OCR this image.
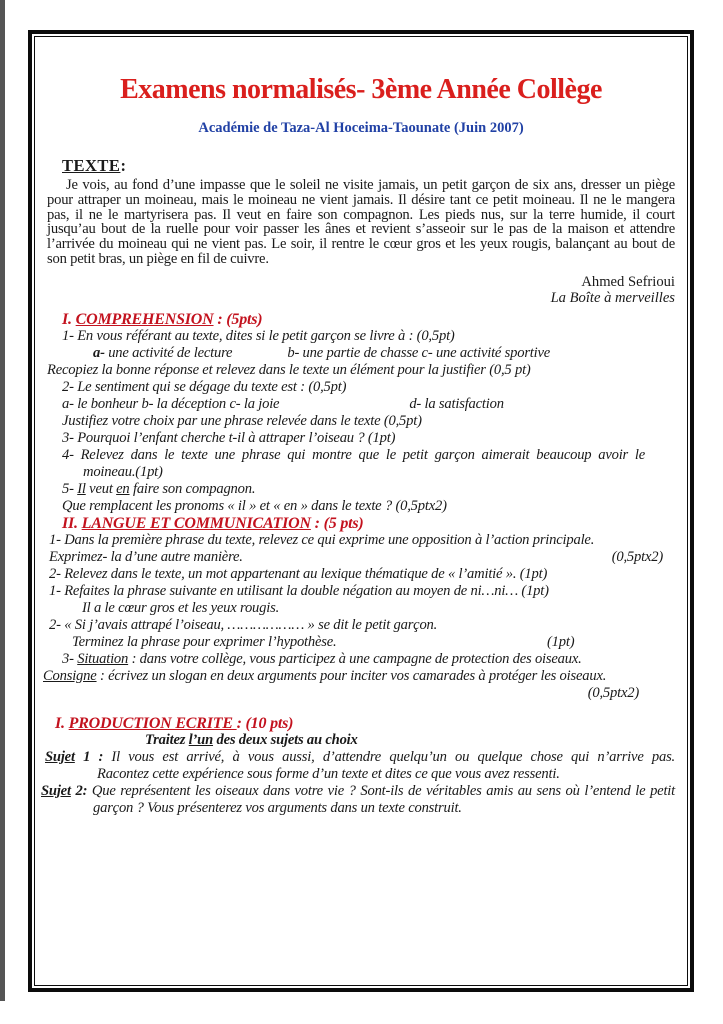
Examens normalisés- 3ème Année Collège
Académie de Taza-Al Hoceima-Taounate (Juin 2007)
TEXTE:

Je vois, au fond d’une impasse que le soleil ne visite jamais, un petit garçon de six ans, dresser un piège pour attraper un moineau, mais le moineau ne vient jamais. Il désire tant ce petit moineau. Il ne le mangera pas, il ne le martyrisera pas. Il veut en faire son compagnon. Les pieds nus, sur la terre humide, il court jusqu’au bout de la ruelle pour voir passer les ânes et revient s’asseoir sur le pas de la maison et attendre l’arrivée du moineau qui ne vient pas. Le soir, il rentre le cœur gros et les yeux rougis, balançant au bout de son petit bras, un piège en fil de cuivre.

Ahmed Sefrioui
La Boîte à merveilles
I. COMPREHENSION : (5pts)
1- En vous référant au texte, dites si le petit garçon se livre à : (0,5pt)
a- une activité de lecture	b- une partie de chasse c- une activité sportive
Recopiez la bonne réponse et relevez dans le texte un élément pour la justifier (0,5 pt)
2- Le sentiment qui se dégage du texte est : (0,5pt)
a- le bonheur b- la déception c- la joie	d- la satisfaction
Justifiez votre choix par une phrase relevée dans le texte (0,5pt)
3- Pourquoi l’enfant cherche t-il à attraper l’oiseau ? (1pt)

4- Relevez dans le texte une phrase qui montre que le petit garçon aimerait beaucoup avoir le moineau.(1pt)

5- Il veut en faire son compagnon.
Que remplacent les pronoms « il » et « en » dans le texte ? (0,5ptx2)
II. LANGUE ET COMMUNICATION : (5 pts)
1- Dans la première phrase du texte, relevez ce qui exprime une opposition à l’action principale.
Exprimez- la d’une autre manière.	(0,5ptx2)
2- Relevez dans le texte, un mot appartenant au lexique thématique de « l’amitié ». (1pt)
1- Refaites la phrase suivante en utilisant la double négation au moyen de ni…ni… (1pt)
Il a le cœur gros et les yeux rougis.
2- « Si j’avais attrapé l’oiseau, ……………… » se dit le petit garçon.
Terminez la phrase pour exprimer l’hypothèse.	(1pt)
3- Situation : dans votre collège, vous participez à une campagne de protection des oiseaux.
Consigne : écrivez un slogan en deux arguments pour inciter vos camarades à protéger les oiseaux.
(0,5ptx2)
I. PRODUCTION ECRITE : (10 pts)
Traitez l’un des deux sujets au choix

Sujet 1 : Il vous est arrivé, à vous aussi, d’attendre quelqu’un ou quelque chose qui n’arrive pas.
Racontez cette expérience sous forme d’un texte et dites ce que vous avez ressenti.

Sujet 2: Que représentent les oiseaux dans votre vie ? Sont-ils de véritables amis au sens où l’entend le petit garçon ? Vous présenterez vos arguments dans un texte construit.
